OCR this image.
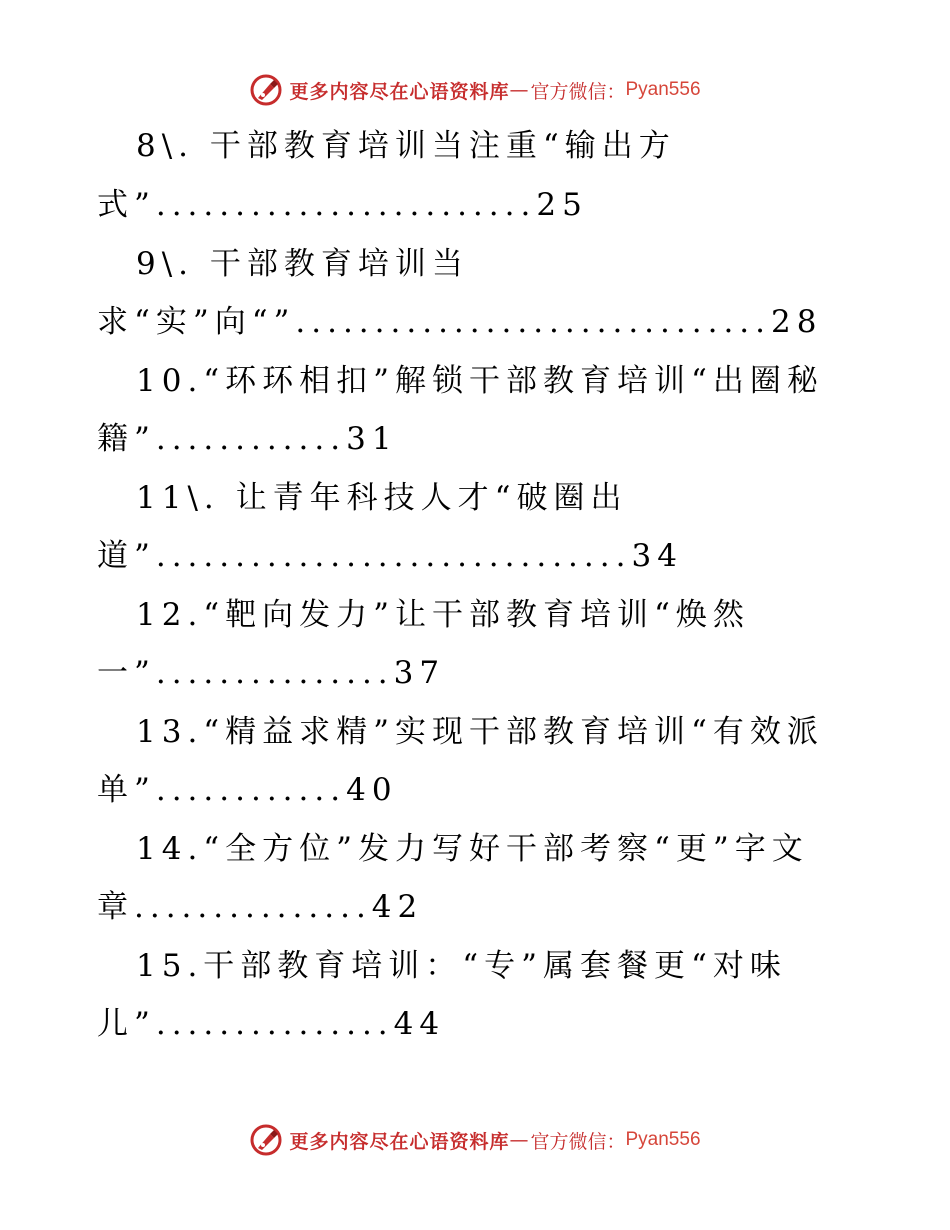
更多内容尽在心语资料库 — 官方微信： Pyan556
8\. 干部教育培训当注重“输出方
式”........................25
9\. 干部教育培训当
求“实”向“”..............................28
10.“环环相扣”解锁干部教育培训“出圈秘
籍”............31
11\. 让青年科技人才“破圈出
道”..............................34
12.“靶向发力”让干部教育培训“焕然
一”...............37
13.“精益求精”实现干部教育培训“有效派
单”............40
14.“全方位”发力写好干部考察“更”字文
章...............42
15.干部教育培训：“专”属套餐更“对味
儿”...............44
更多内容尽在心语资料库 — 官方微信： Pyan556
